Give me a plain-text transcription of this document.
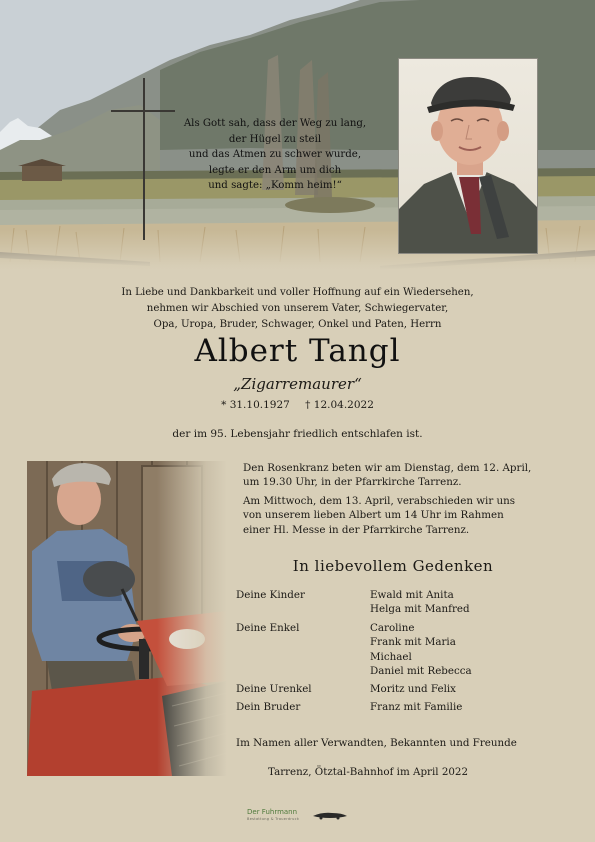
Als Gott sah, dass der Weg zu lang,
der Hügel zu steil
und das Atmen zu schwer wurde,
legte er den Arm um dich
und sagte: „Komm heim!“
In Liebe und Dankbarkeit und voller Hoffnung auf ein Wiedersehen,
nehmen wir Abschied von unserem Vater, Schwiegervater,
Opa, Uropa, Bruder, Schwager, Onkel und Paten, Herrn
Albert Tangl
„Zigarremaurer“
* 31.10.1927 † 12.04.2022
der im 95. Lebensjahr friedlich entschlafen ist.
Den Rosenkranz beten wir am Dienstag, dem 12. April,
um 19.30 Uhr, in der Pfarrkirche Tarrenz.
Am Mittwoch, dem 13. April, verabschieden wir uns
von unserem lieben Albert um 14 Uhr im Rahmen
einer Hl. Messe in der Pfarrkirche Tarrenz.
In liebevollem Gedenken
Deine Kinder	Ewald mit Anita
Helga mit Manfred
Deine Enkel	Caroline
Frank mit Maria
Michael
Daniel mit Rebecca
Deine Urenkel	Moritz und Felix
Dein Bruder	Franz mit Familie
Im Namen aller Verwandten, Bekannten und Freunde
Tarrenz, Ötztal-Bahnhof im April 2022
Der Fuhrmann
Bestattung & Trauerdruck
